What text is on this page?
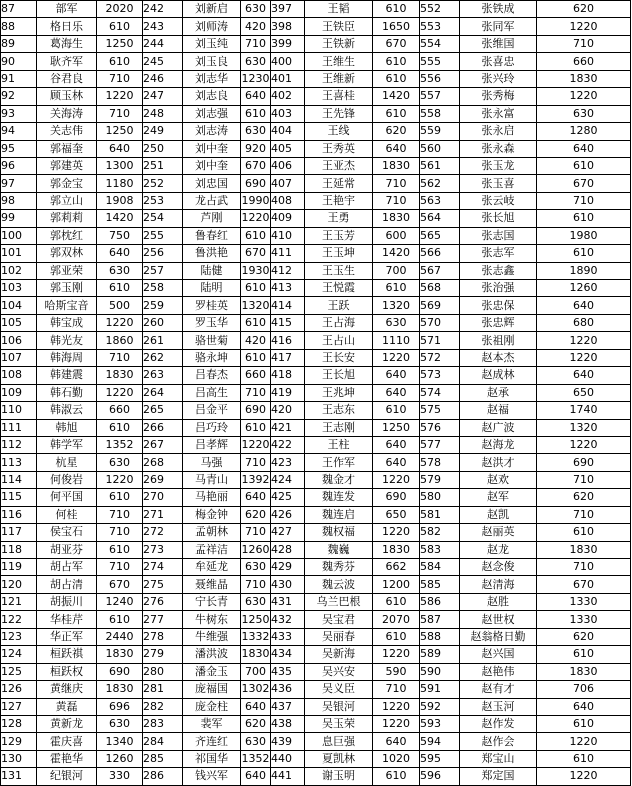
87	部军	2020	242	刘新启	630	397	王韬	610	552	张铁成	620
88	格日乐	610	243	刘师涛	420	398	王铁臣	1650	553	张同军	1220
89	葛海生	1250	244	刘玉纯	710	399	王铁新	670	554	张维国	710
90	耿齐军	610	245	刘玉良	630	400	王维生	610	555	张喜忠	660
91	谷君良	710	246	刘志华	1230	401	王维新	610	556	张兴玲	1830
92	顾玉林	1220	247	刘志良	640	402	王喜桂	1420	557	张秀梅	1220
93	关海涛	710	248	刘志强	610	403	王先锋	610	558	张永富	630
94	关志伟	1250	249	刘志涛	630	404	王线	620	559	张永启	1280
95	郭福奎	640	250	刘中奎	920	405	王秀英	640	560	张永森	640
96	郭建英	1300	251	刘中奎	670	406	王亚杰	1830	561	张玉龙	610
97	郭金宝	1180	252	刘忠国	690	407	王延常	710	562	张玉喜	670
98	郭立山	1908	253	龙占武	1990	408	王艳宇	710	563	张云岐	710
99	郭莉莉	1420	254	芦刚	1220	409	王勇	1830	564	张长旭	610
100	郭枕红	750	255	鲁春红	610	410	王玉芳	600	565	张志国	1980
101	郭双林	640	256	鲁洪艳	670	411	王玉坤	1420	566	张志军	610
102	郭亚荣	630	257	陆健	1930	412	王玉生	700	567	张志鑫	1890
103	郭玉刚	610	258	陆明	610	413	王悦霞	610	568	张治强	1260
104	哈斯宝音	500	259	罗桂英	1320	414	王跃	1320	569	张忠保	640
105	韩宝成	1220	260	罗玉华	610	415	王占海	630	570	张忠辉	680
106	韩光友	1860	261	骆世菊	420	416	王占山	1110	571	张祖刚	1220
107	韩海周	710	262	骆永坤	610	417	王长安	1220	572	赵本杰	1220
108	韩建震	1830	263	吕春杰	660	418	王长旭	640	573	赵成林	640
109	韩石勤	1220	264	吕高生	710	419	王兆坤	640	574	赵承	650
110	韩淑云	660	265	吕金平	690	420	王志东	610	575	赵福	1740
111	韩旭	610	266	吕巧玲	610	421	王志刚	1250	576	赵广波	1320
112	韩学军	1352	267	吕孝辉	1220	422	王柱	640	577	赵海龙	1220
113	杭星	630	268	马强	710	423	王作军	640	578	赵洪才	690
114	何俊岩	1220	269	马青山	1392	424	魏金才	1220	579	赵欢	710
115	何平国	610	270	马艳丽	640	425	魏连发	690	580	赵军	620
116	何桂	710	271	梅金钟	620	426	魏连启	650	581	赵凯	710
117	侯宝石	710	272	孟朝林	710	427	魏权福	1220	582	赵丽英	610
118	胡亚芬	610	273	孟祥洁	1260	428	魏巍	1830	583	赵龙	1830
119	胡占军	710	274	牟延龙	630	429	魏秀芬	662	584	赵念俊	710
120	胡占清	670	275	聂维晶	710	430	魏云波	1200	585	赵清海	670
121	胡振川	1240	276	宁长青	630	431	乌兰巴根	610	586	赵胜	1330
122	华桂芹	610	277	牛树东	1250	432	吴宝君	2070	587	赵世权	1330
123	华正军	2440	278	牛维强	1332	433	吴丽春	610	588	赵翁格日勤	620
124	桓跃祺	1830	279	潘洪波	1830	434	吴新海	1220	589	赵兴国	610
125	桓跃权	690	280	潘金玉	700	435	吴兴安	590	590	赵艳伟	1830
126	黄继庆	1830	281	庞福国	1302	436	吴义臣	710	591	赵有才	706
127	黄磊	696	282	庞金柱	640	437	吴银河	1220	592	赵玉河	640
128	黄新龙	630	283	裴军	620	438	吴玉荣	1220	593	赵作发	610
129	霍庆喜	1340	284	齐连红	630	439	息巨强	640	594	赵作会	1220
130	霍艳华	1260	285	祁国华	1352	440	夏凯林	1020	595	郑宝山	610
131	纪银河	330	286	钱兴军	640	441	谢玉明	610	596	郑定国	1220
